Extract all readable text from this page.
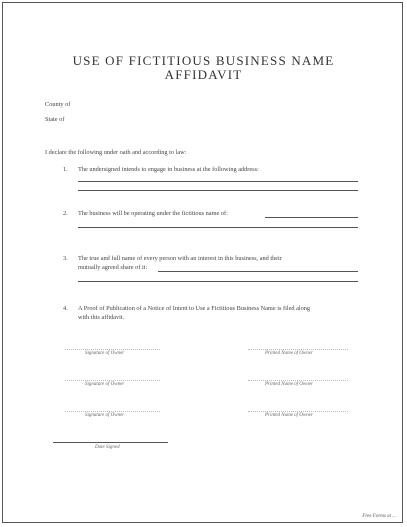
USE OF FICTITIOUS BUSINESS NAME
AFFIDAVIT
County of
State of
I declare the following under oath and according to law:
1. The undersigned intends to engage in business at the following address:
2. The business will be operating under the fictitious name of:
3. The true and full name of every person with an interest in this business, and their
mutually agreed share of it:
4. A Proof of Publication of a Notice of Intent to Use a Fictitious Business Name is filed along
with this affidavit.
Signature of Owner	Printed Name of Owner
Signature of Owner	Printed Name of Owner
Signature of Owner	Printed Name of Owner
Date Signed
Free Forms at ...
